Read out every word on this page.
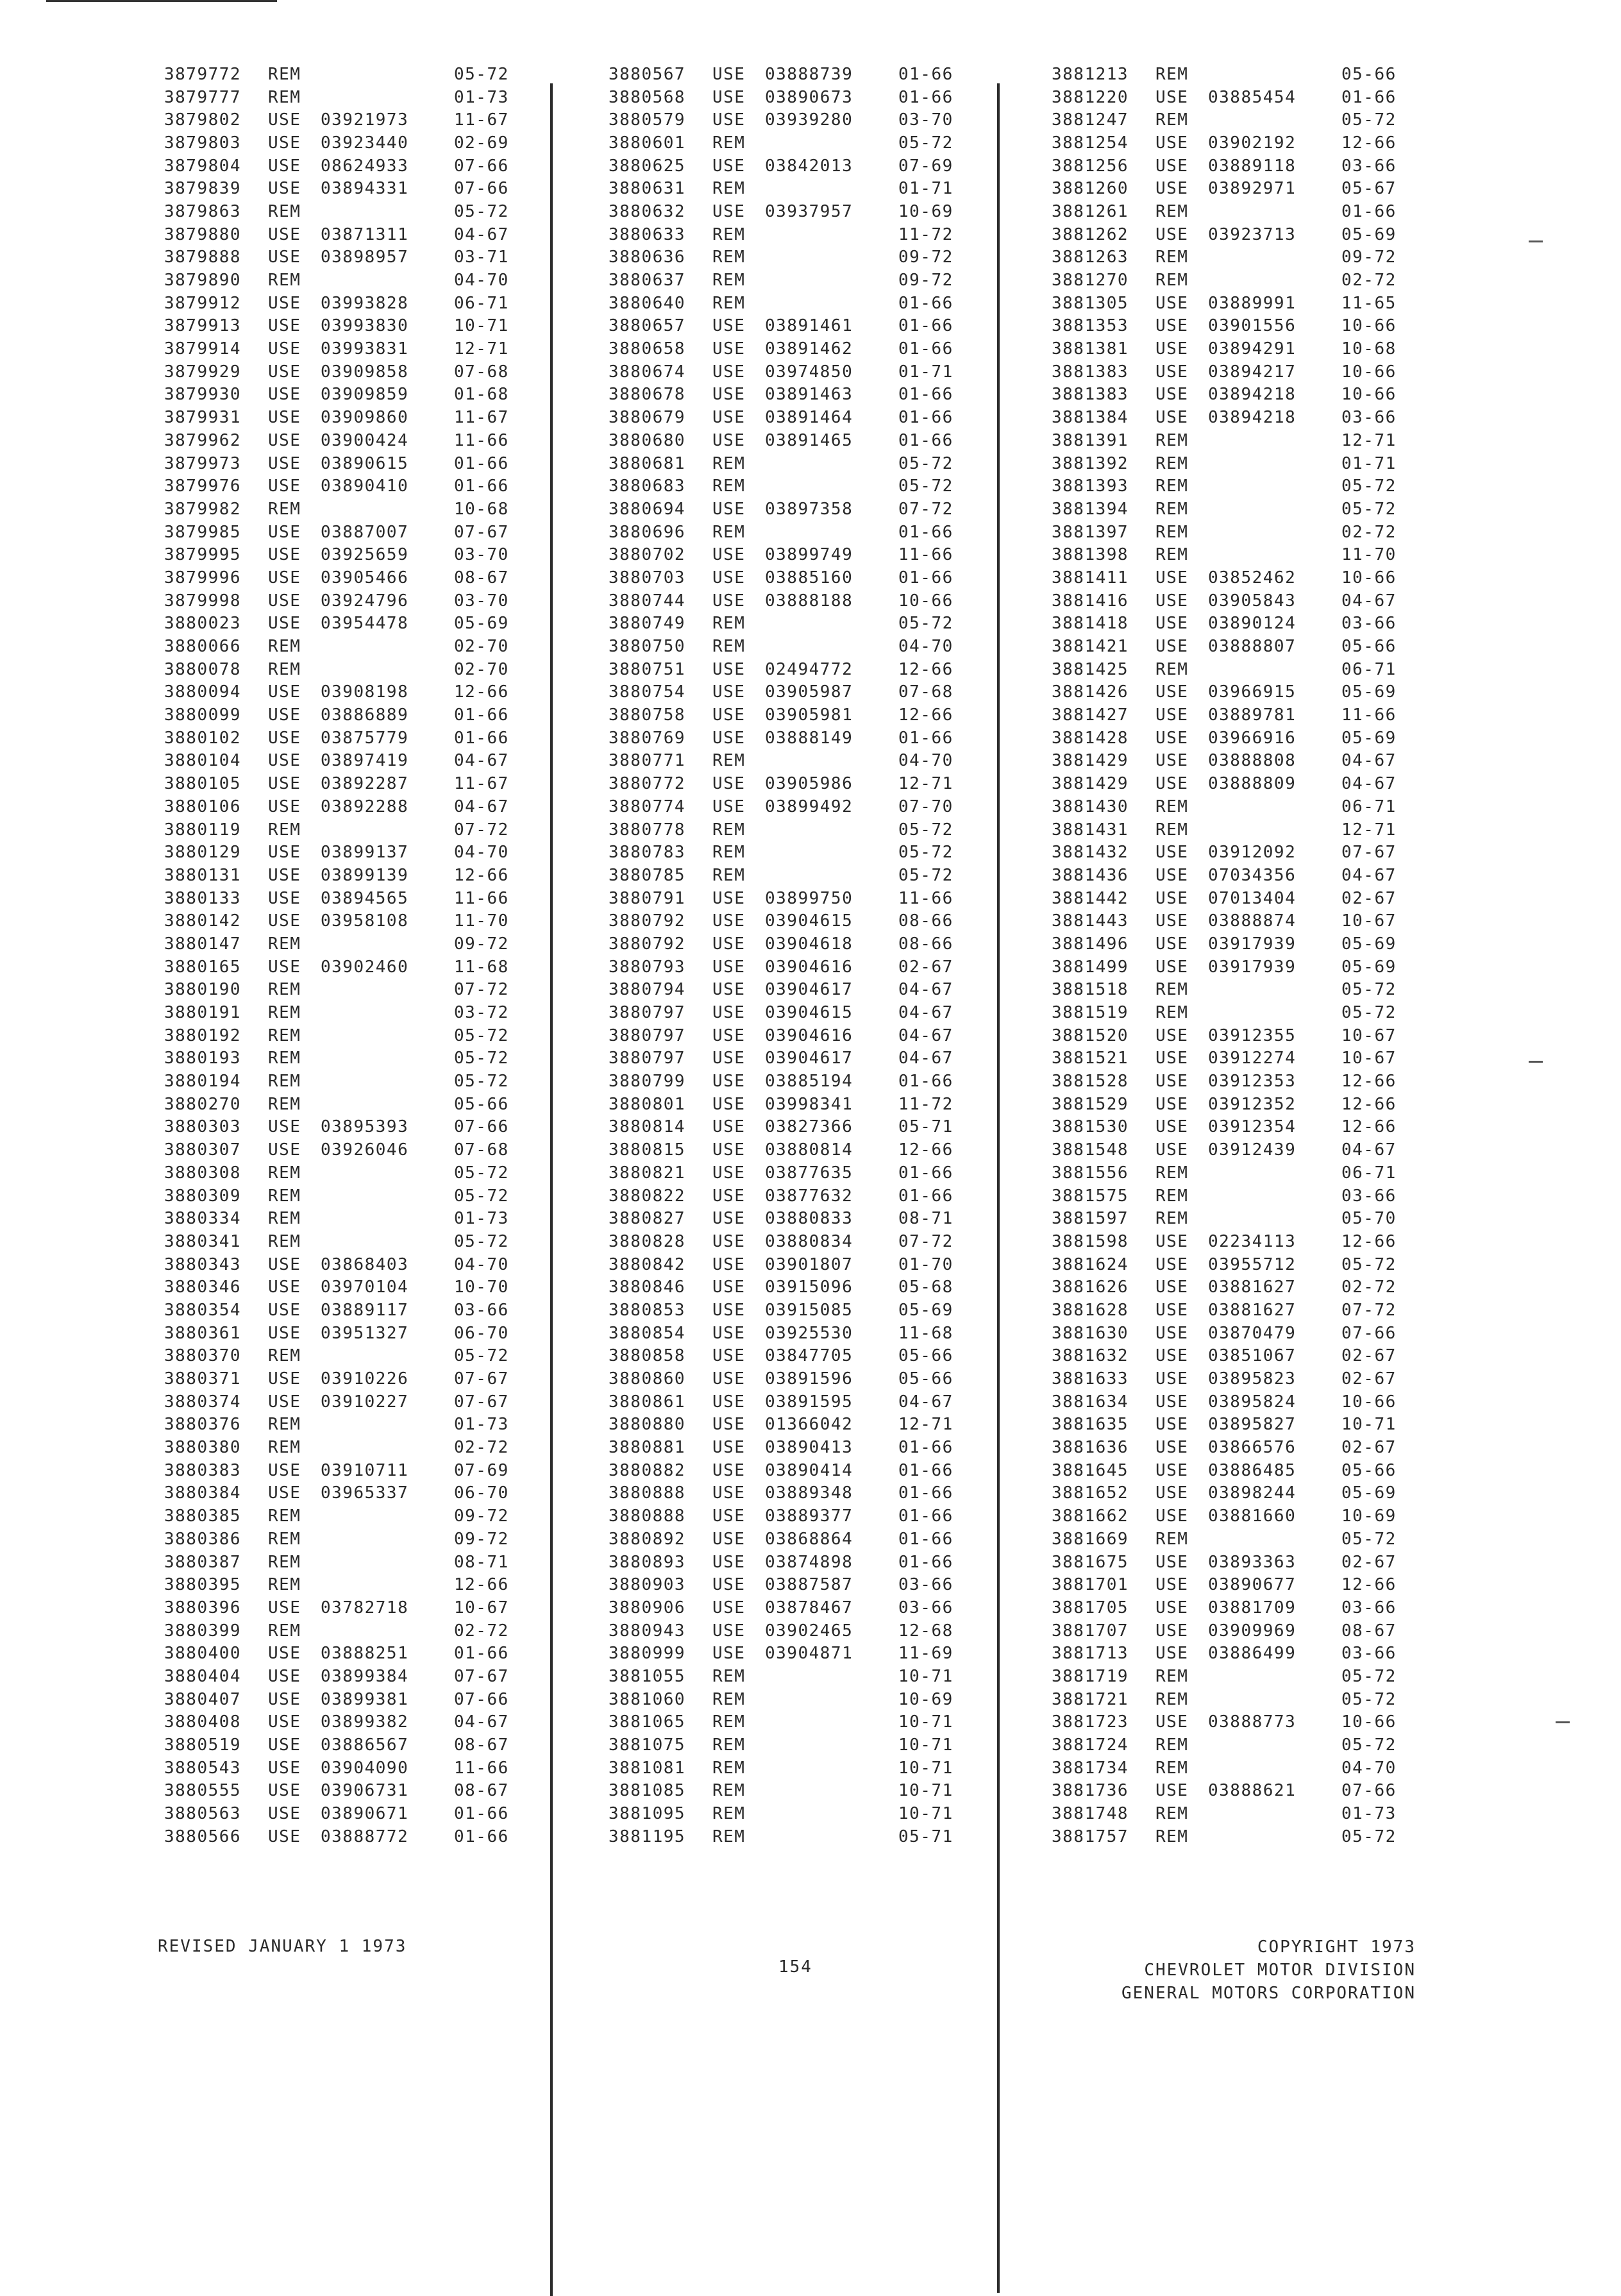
3879772	REM	05-72
3879777	REM	01-73
3879802	USE	03921973	11-67
3879803	USE	03923440	02-69
3879804	USE	08624933	07-66
3879839	USE	03894331	07-66
3879863	REM	05-72
3879880	USE	03871311	04-67
3879888	USE	03898957	03-71
3879890	REM	04-70
3879912	USE	03993828	06-71
3879913	USE	03993830	10-71
3879914	USE	03993831	12-71
3879929	USE	03909858	07-68
3879930	USE	03909859	01-68
3879931	USE	03909860	11-67
3879962	USE	03900424	11-66
3879973	USE	03890615	01-66
3879976	USE	03890410	01-66
3879982	REM	10-68
3879985	USE	03887007	07-67
3879995	USE	03925659	03-70
3879996	USE	03905466	08-67
3879998	USE	03924796	03-70
3880023	USE	03954478	05-69
3880066	REM	02-70
3880078	REM	02-70
3880094	USE	03908198	12-66
3880099	USE	03886889	01-66
3880102	USE	03875779	01-66
3880104	USE	03897419	04-67
3880105	USE	03892287	11-67
3880106	USE	03892288	04-67
3880119	REM	07-72
3880129	USE	03899137	04-70
3880131	USE	03899139	12-66
3880133	USE	03894565	11-66
3880142	USE	03958108	11-70
3880147	REM	09-72
3880165	USE	03902460	11-68
3880190	REM	07-72
3880191	REM	03-72
3880192	REM	05-72
3880193	REM	05-72
3880194	REM	05-72
3880270	REM	05-66
3880303	USE	03895393	07-66
3880307	USE	03926046	07-68
3880308	REM	05-72
3880309	REM	05-72
3880334	REM	01-73
3880341	REM	05-72
3880343	USE	03868403	04-70
3880346	USE	03970104	10-70
3880354	USE	03889117	03-66
3880361	USE	03951327	06-70
3880370	REM	05-72
3880371	USE	03910226	07-67
3880374	USE	03910227	07-67
3880376	REM	01-73
3880380	REM	02-72
3880383	USE	03910711	07-69
3880384	USE	03965337	06-70
3880385	REM	09-72
3880386	REM	09-72
3880387	REM	08-71
3880395	REM	12-66
3880396	USE	03782718	10-67
3880399	REM	02-72
3880400	USE	03888251	01-66
3880404	USE	03899384	07-67
3880407	USE	03899381	07-66
3880408	USE	03899382	04-67
3880519	USE	03886567	08-67
3880543	USE	03904090	11-66
3880555	USE	03906731	08-67
3880563	USE	03890671	01-66
3880566	USE	03888772	01-66
3880567	USE	03888739	01-66
3880568	USE	03890673	01-66
3880579	USE	03939280	03-70
3880601	REM	05-72
3880625	USE	03842013	07-69
3880631	REM	01-71
3880632	USE	03937957	10-69
3880633	REM	11-72
3880636	REM	09-72
3880637	REM	09-72
3880640	REM	01-66
3880657	USE	03891461	01-66
3880658	USE	03891462	01-66
3880674	USE	03974850	01-71
3880678	USE	03891463	01-66
3880679	USE	03891464	01-66
3880680	USE	03891465	01-66
3880681	REM	05-72
3880683	REM	05-72
3880694	USE	03897358	07-72
3880696	REM	01-66
3880702	USE	03899749	11-66
3880703	USE	03885160	01-66
3880744	USE	03888188	10-66
3880749	REM	05-72
3880750	REM	04-70
3880751	USE	02494772	12-66
3880754	USE	03905987	07-68
3880758	USE	03905981	12-66
3880769	USE	03888149	01-66
3880771	REM	04-70
3880772	USE	03905986	12-71
3880774	USE	03899492	07-70
3880778	REM	05-72
3880783	REM	05-72
3880785	REM	05-72
3880791	USE	03899750	11-66
3880792	USE	03904615	08-66
3880792	USE	03904618	08-66
3880793	USE	03904616	02-67
3880794	USE	03904617	04-67
3880797	USE	03904615	04-67
3880797	USE	03904616	04-67
3880797	USE	03904617	04-67
3880799	USE	03885194	01-66
3880801	USE	03998341	11-72
3880814	USE	03827366	05-71
3880815	USE	03880814	12-66
3880821	USE	03877635	01-66
3880822	USE	03877632	01-66
3880827	USE	03880833	08-71
3880828	USE	03880834	07-72
3880842	USE	03901807	01-70
3880846	USE	03915096	05-68
3880853	USE	03915085	05-69
3880854	USE	03925530	11-68
3880858	USE	03847705	05-66
3880860	USE	03891596	05-66
3880861	USE	03891595	04-67
3880880	USE	01366042	12-71
3880881	USE	03890413	01-66
3880882	USE	03890414	01-66
3880888	USE	03889348	01-66
3880888	USE	03889377	01-66
3880892	USE	03868864	01-66
3880893	USE	03874898	01-66
3880903	USE	03887587	03-66
3880906	USE	03878467	03-66
3880943	USE	03902465	12-68
3880999	USE	03904871	11-69
3881055	REM	10-71
3881060	REM	10-69
3881065	REM	10-71
3881075	REM	10-71
3881081	REM	10-71
3881085	REM	10-71
3881095	REM	10-71
3881195	REM	05-71
3881213	REM	05-66
3881220	USE	03885454	01-66
3881247	REM	05-72
3881254	USE	03902192	12-66
3881256	USE	03889118	03-66
3881260	USE	03892971	05-67
3881261	REM	01-66
3881262	USE	03923713	05-69
3881263	REM	09-72
3881270	REM	02-72
3881305	USE	03889991	11-65
3881353	USE	03901556	10-66
3881381	USE	03894291	10-68
3881383	USE	03894217	10-66
3881383	USE	03894218	10-66
3881384	USE	03894218	03-66
3881391	REM	12-71
3881392	REM	01-71
3881393	REM	05-72
3881394	REM	05-72
3881397	REM	02-72
3881398	REM	11-70
3881411	USE	03852462	10-66
3881416	USE	03905843	04-67
3881418	USE	03890124	03-66
3881421	USE	03888807	05-66
3881425	REM	06-71
3881426	USE	03966915	05-69
3881427	USE	03889781	11-66
3881428	USE	03966916	05-69
3881429	USE	03888808	04-67
3881429	USE	03888809	04-67
3881430	REM	06-71
3881431	REM	12-71
3881432	USE	03912092	07-67
3881436	USE	07034356	04-67
3881442	USE	07013404	02-67
3881443	USE	03888874	10-67
3881496	USE	03917939	05-69
3881499	USE	03917939	05-69
3881518	REM	05-72
3881519	REM	05-72
3881520	USE	03912355	10-67
3881521	USE	03912274	10-67
3881528	USE	03912353	12-66
3881529	USE	03912352	12-66
3881530	USE	03912354	12-66
3881548	USE	03912439	04-67
3881556	REM	06-71
3881575	REM	03-66
3881597	REM	05-70
3881598	USE	02234113	12-66
3881624	USE	03955712	05-72
3881626	USE	03881627	02-72
3881628	USE	03881627	07-72
3881630	USE	03870479	07-66
3881632	USE	03851067	02-67
3881633	USE	03895823	02-67
3881634	USE	03895824	10-66
3881635	USE	03895827	10-71
3881636	USE	03866576	02-67
3881645	USE	03886485	05-66
3881652	USE	03898244	05-69
3881662	USE	03881660	10-69
3881669	REM	05-72
3881675	USE	03893363	02-67
3881701	USE	03890677	12-66
3881705	USE	03881709	03-66
3881707	USE	03909969	08-67
3881713	USE	03886499	03-66
3881719	REM	05-72
3881721	REM	05-72
3881723	USE	03888773	10-66
3881724	REM	05-72
3881734	REM	04-70
3881736	USE	03888621	07-66
3881748	REM	01-73
3881757	REM	05-72
REVISED JANUARY 1 1973
154
COPYRIGHT 1973
CHEVROLET MOTOR DIVISION
GENERAL MOTORS CORPORATION
